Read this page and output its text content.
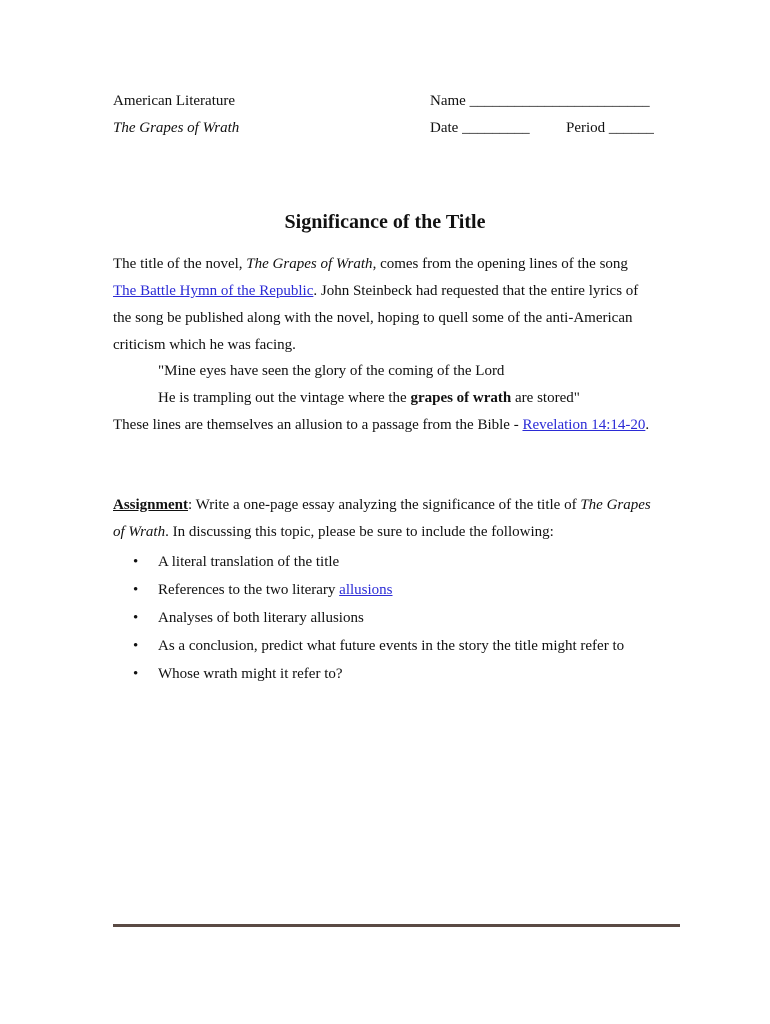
American Literature
The Grapes of Wrath
Name ________________________
Date _________ Period ______
Significance of the Title
The title of the novel, The Grapes of Wrath, comes from the opening lines of the song
The Battle Hymn of the Republic. John Steinbeck had requested that the entire lyrics of
the song be published along with the novel, hoping to quell some of the anti-American
criticism which he was facing.
"Mine eyes have seen the glory of the coming of the Lord
He is trampling out the vintage where the grapes of wrath are stored"
These lines are themselves an allusion to a passage from the Bible - Revelation 14:14-20.
Assignment: Write a one-page essay analyzing the significance of the title of The Grapes
of Wrath. In discussing this topic, please be sure to include the following:
• A literal translation of the title
• References to the two literary allusions
• Analyses of both literary allusions
• As a conclusion, predict what future events in the story the title might refer to
• Whose wrath might it refer to?
